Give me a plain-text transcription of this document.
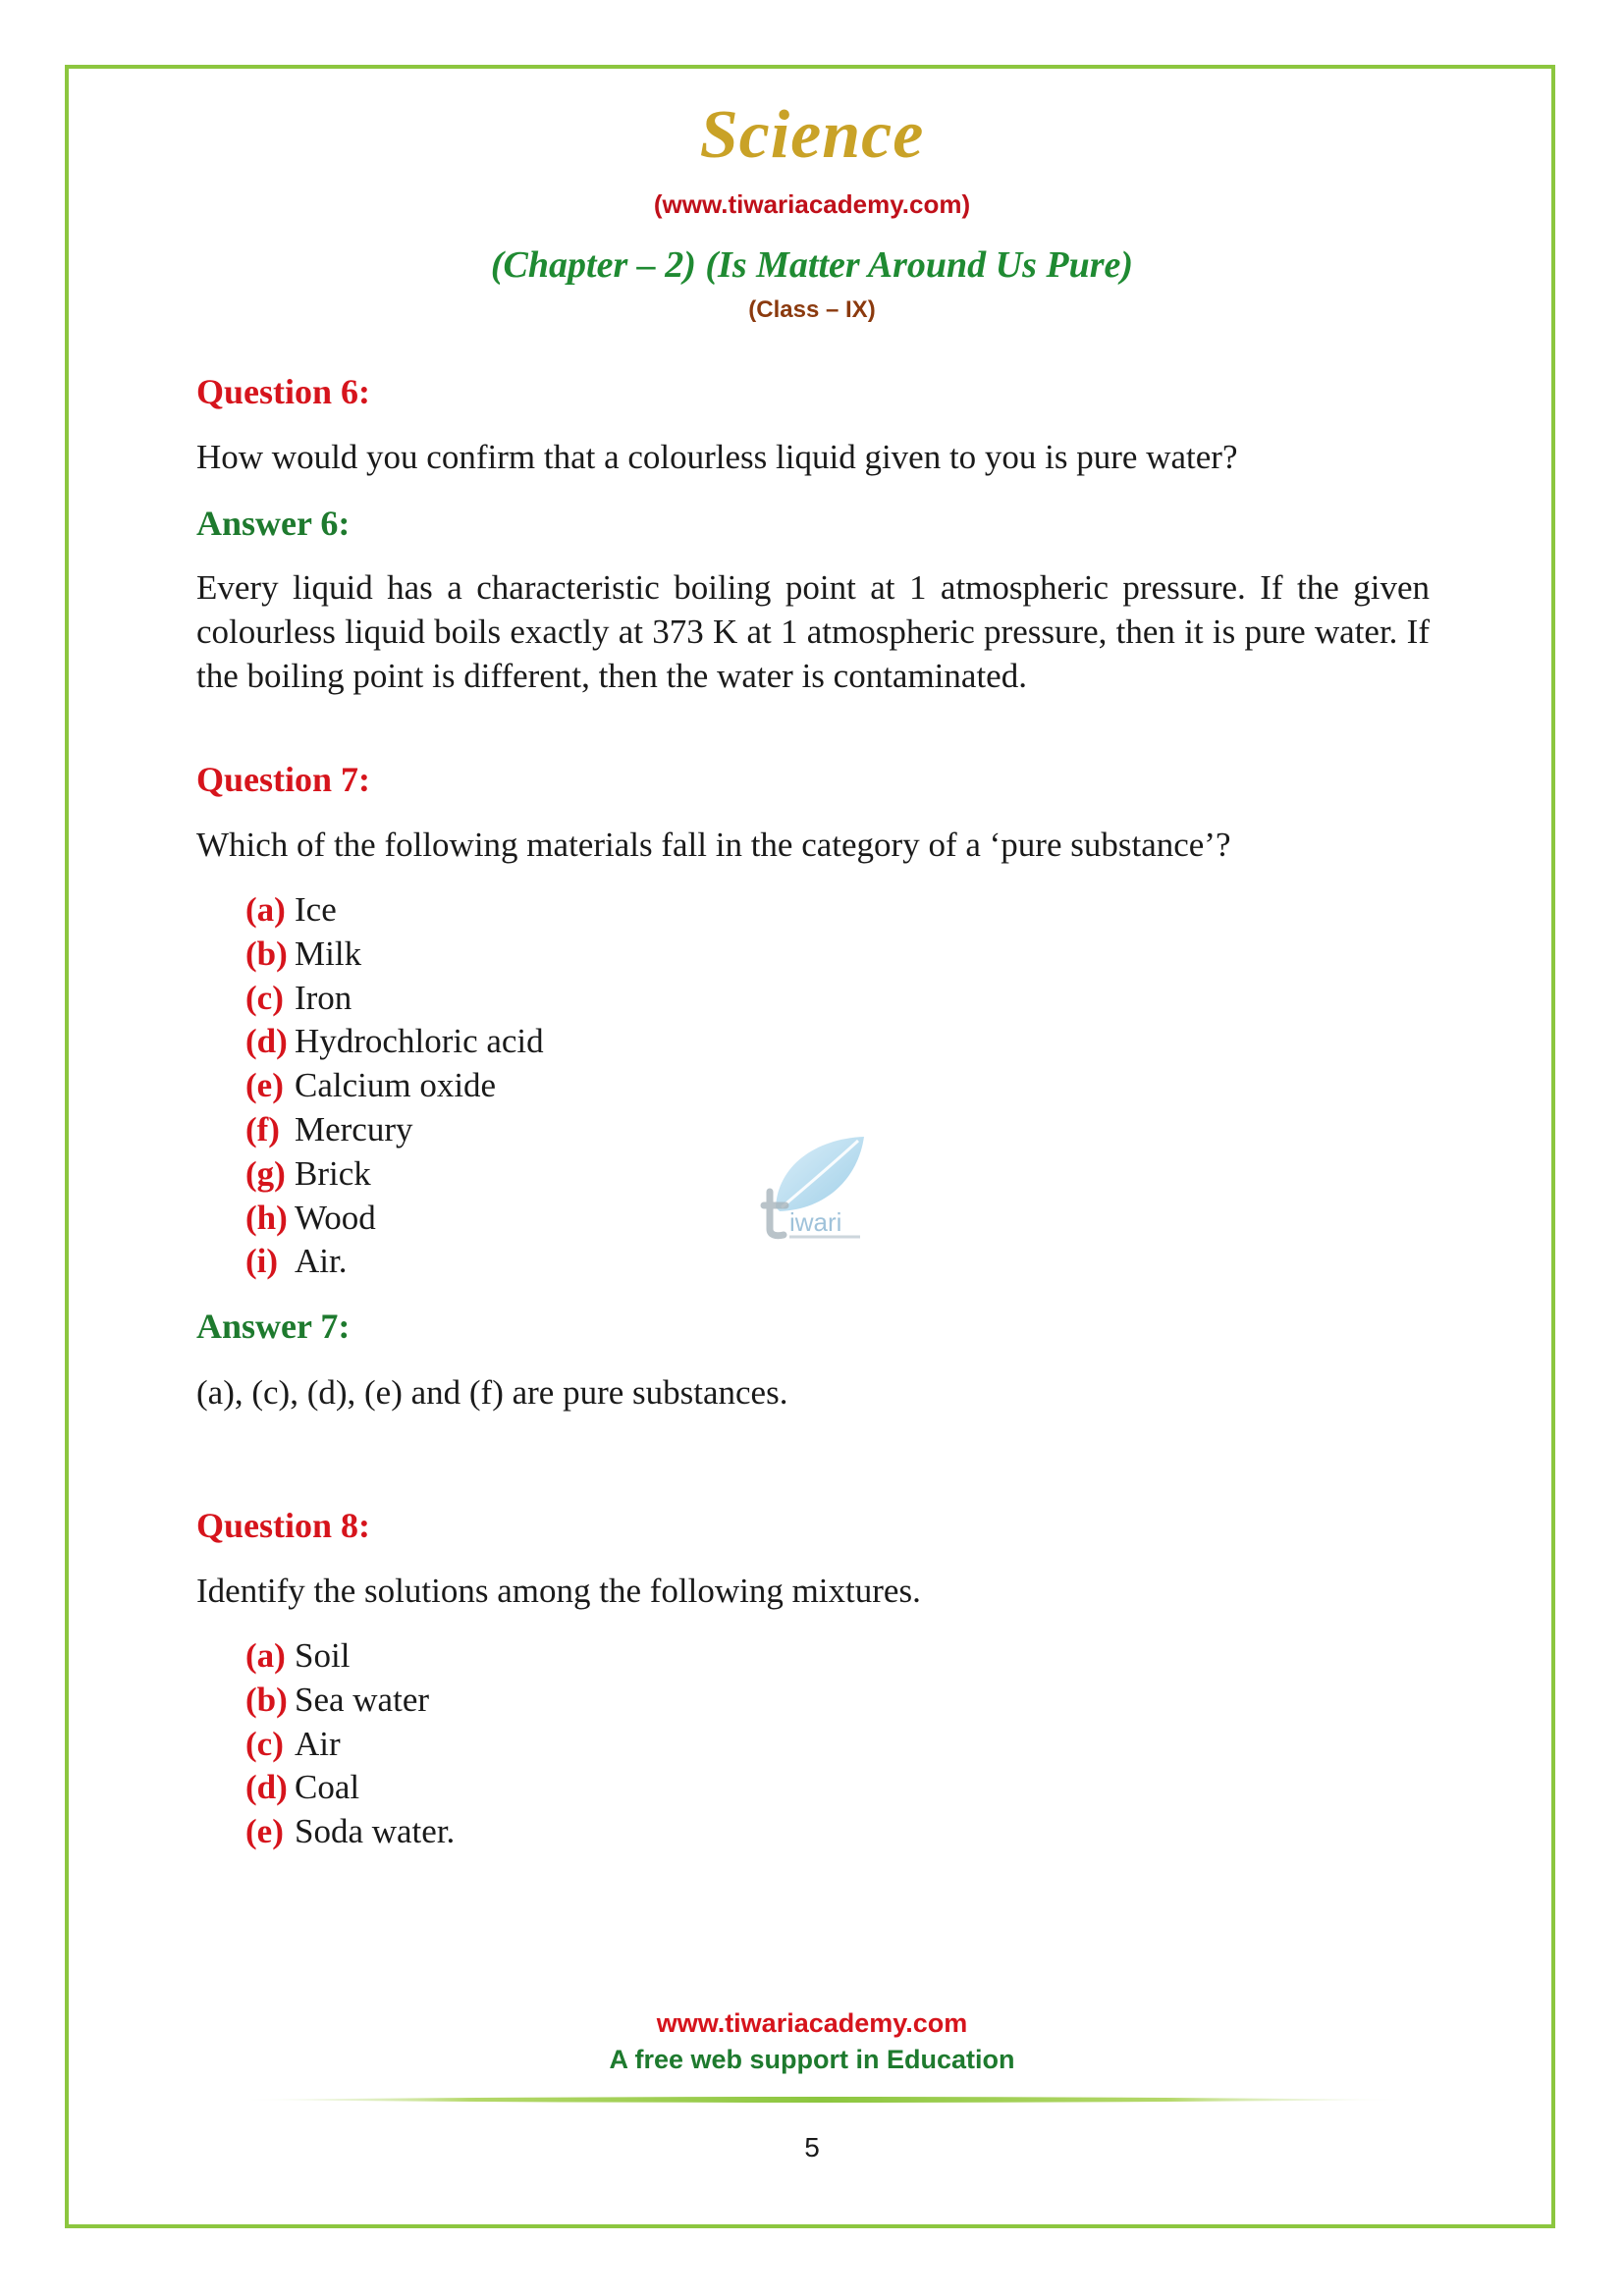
Science
(www.tiwariacademy.com)
(Chapter – 2) (Is Matter Around Us Pure)
(Class – IX)
Question 6:
How would you confirm that a colourless liquid given to you is pure water?
Answer 6:
Every liquid has a characteristic boiling point at 1 atmospheric pressure. If the given colourless liquid boils exactly at 373 K at 1 atmospheric pressure, then it is pure water. If the boiling point is different, then the water is contaminated.
Question 7:
Which of the following materials fall in the category of a ‘pure substance’?
(a) Ice
(b) Milk
(c) Iron
(d) Hydrochloric acid
(e) Calcium oxide
(f) Mercury
(g) Brick
(h) Wood
(i) Air.
Answer 7:
(a), (c), (d), (e) and (f) are pure substances.
Question 8:
Identify the solutions among the following mixtures.
(a) Soil
(b) Sea water
(c) Air
(d) Coal
(e) Soda water.
iwari
www.tiwariacademy.com
A free web support in Education
5
